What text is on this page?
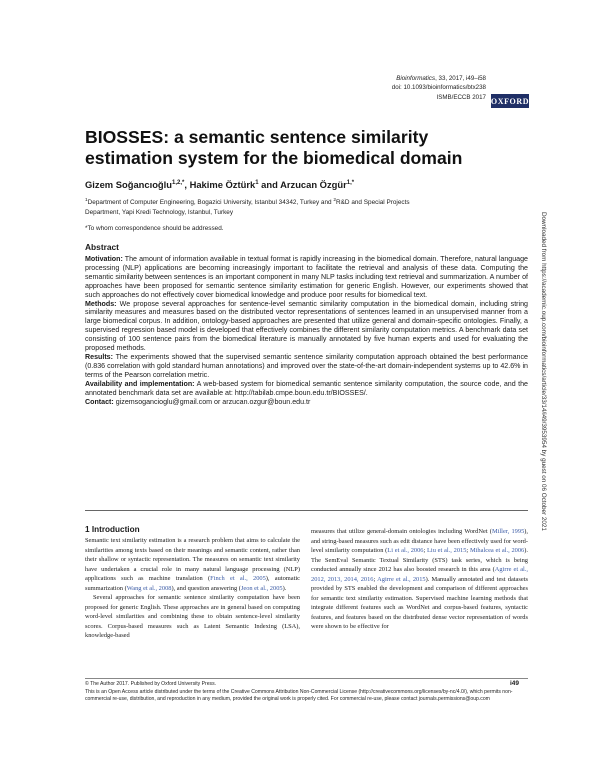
Bioinformatics, 33, 2017, i49–i58
doi: 10.1093/bioinformatics/btx238
ISMB/ECCB 2017 OXFORD
BIOSSES: a semantic sentence similarity
estimation system for the biomedical domain
Gizem Soğancıoğlu$^{1,2,*}$, Hakime Öztürk$^1$ and Arzucan Özgür$^{1,*}$
$^1$Department of Computer Engineering, Bogazici University, Istanbul 34342, Turkey and $^2$R&D and Special Projects Department, Yapi Kredi Technology, Istanbul, Turkey
*To whom correspondence should be addressed.
Abstract

Motivation: The amount of information available in textual format is rapidly increasing in the biomedical domain. Therefore, natural language processing (NLP) applications are becoming increasingly important to facilitate the retrieval and analysis of these data. Computing the semantic similarity between sentences is an important component in many NLP tasks including text retrieval and summarization. A number of approaches have been proposed for semantic sentence similarity estimation for generic English. However, our experiments showed that such approaches do not effectively cover biomedical knowledge and produce poor results for biomedical text.

Methods: We propose several approaches for sentence-level semantic similarity computation in the biomedical domain, including string similarity measures and measures based on the distributed vector representations of sentences learned in an unsupervised manner from a large biomedical corpus. In addition, ontology-based approaches are presented that utilize general and domain-specific ontologies. Finally, a supervised regression based model is developed that effectively combines the different similarity computation metrics. A benchmark data set consisting of 100 sentence pairs from the biomedical literature is manually annotated by five human experts and used for evaluating the proposed methods.

Results: The experiments showed that the supervised semantic sentence similarity computation approach obtained the best performance (0.836 correlation with gold standard human annotations) and improved over the state-of-the-art domain-independent systems up to 42.6% in terms of the Pearson correlation metric.

Availability and implementation: A web-based system for biomedical semantic sentence similarity computation, the source code, and the annotated benchmark data set are available at: http://tabilab.cmpe.boun.edu.tr/BIOSSES/.

Contact: gizemsogancioglu@gmail.com or arzucan.ozgur@boun.edu.tr

1 Introduction

Semantic text similarity estimation is a research problem that aims to calculate the similarities among texts based on their meanings and semantic content, rather than their shallow or syntactic representation. The measures on semantic text similarity have undertaken a crucial role in many natural language processing (NLP) applications such as machine translation (Finch et al., 2005), automatic summarization (Wang et al., 2008), and question answering (Jeon et al., 2005).

Several approaches for semantic sentence similarity computation have been proposed for generic English. These approaches are in general based on computing word-level similarities and combining these to obtain sentence-level similarity scores. Corpus-based measures such as Latent Semantic Indexing (LSA), knowledge-based

measures that utilize general-domain ontologies including WordNet (Miller, 1995), and string-based measures such as edit distance have been effectively used for word-level similarity computation (Li et al., 2006; Liu et al., 2015; Mihalcea et al., 2006). The SemEval Semantic Textual Similarity (STS) task series, which is being conducted annually since 2012 has also boosted research in this area (Agirre et al., 2012, 2013, 2014, 2016; Agirre et al., 2015). Manually annotated and test datasets provided by STS enabled the development and comparison of different approaches for semantic text similarity estimation. Supervised machine learning methods that integrate different features such as WordNet and corpus-based features, syntactic features, and features based on the distributed dense vector representation of words were shown to be effective for

© The Author 2017. Published by Oxford University Press.	i49
This is an Open Access article distributed under the terms of the Creative Commons Attribution Non-Commercial License (http://creativecommons.org/licenses/by-nc/4.0/), which permits non-commercial re-use, distribution, and reproduction in any medium, provided the original work is properly cited. For commercial re-use, please contact journals.permissions@oup.com
Downloaded from https://academic.oup.com/bioinformatics/article/33/14/i49/3953954 by guest on 06 October 2021
